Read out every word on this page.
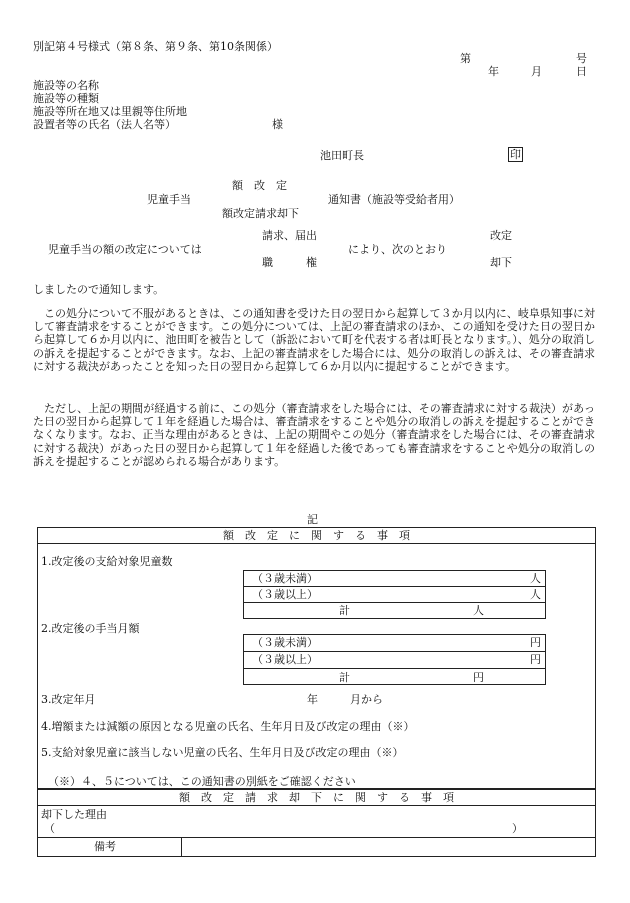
別記第４号様式（第８条、第９条、第10条関係）
第	号
年	月	日
施設等の名称
施設等の種類
施設等所在地又は里親等住所地
設置者等の氏名（法人名等）	様
池田町長	印
額　改　定
児童手当	通知書（施設等受給者用）
額改定請求却下
請求、届出	改定
児童手当の額の改定については	により、次のとおり
職　　　権	却下
しましたので通知します。
この処分について不服があるときは、この通知書を受けた日の翌日から起算して３か月以内に、岐阜県知事に対して審査請求をすることができます。この処分については、上記の審査請求のほか、この通知を受けた日の翌日から起算して６か月以内に、池田町を被告として（訴訟において町を代表する者は町長となります。）、処分の取消しの訴えを提起することができます。なお、上記の審査請求をした場合には、処分の取消しの訴えは、その審査請求に対する裁決があったことを知った日の翌日から起算して６か月以内に提起することができます。
ただし、上記の期間が経過する前に、この処分（審査請求をした場合には、その審査請求に対する裁決）があった日の翌日から起算して１年を経過した場合は、審査請求をすることや処分の取消しの訴えを提起することができなくなります。なお、正当な理由があるときは、上記の期間やこの処分（審査請求をした場合には、その審査請求に対する裁決）があった日の翌日から起算して１年を経過した後であっても審査請求をすることや処分の取消しの訴えを提起することが認められる場合があります。
記
額　改　定　に　関　す　る　事　項
1.改定後の支給対象児童数
（３歳未満）	人
（３歳以上）	人
計	人
2.改定後の手当月額
（３歳未満）	円
（３歳以上）	円
計	円
3.改定年月	年	月から
4.増額または減額の原因となる児童の氏名、生年月日及び改定の理由（※）
5.支給対象児童に該当しない児童の氏名、生年月日及び改定の理由（※）
（※）４、５については、この通知書の別紙をご確認ください
額　改　定　請　求　却　下　に　関　す　る　事　項
却下した理由
（	）
備考
